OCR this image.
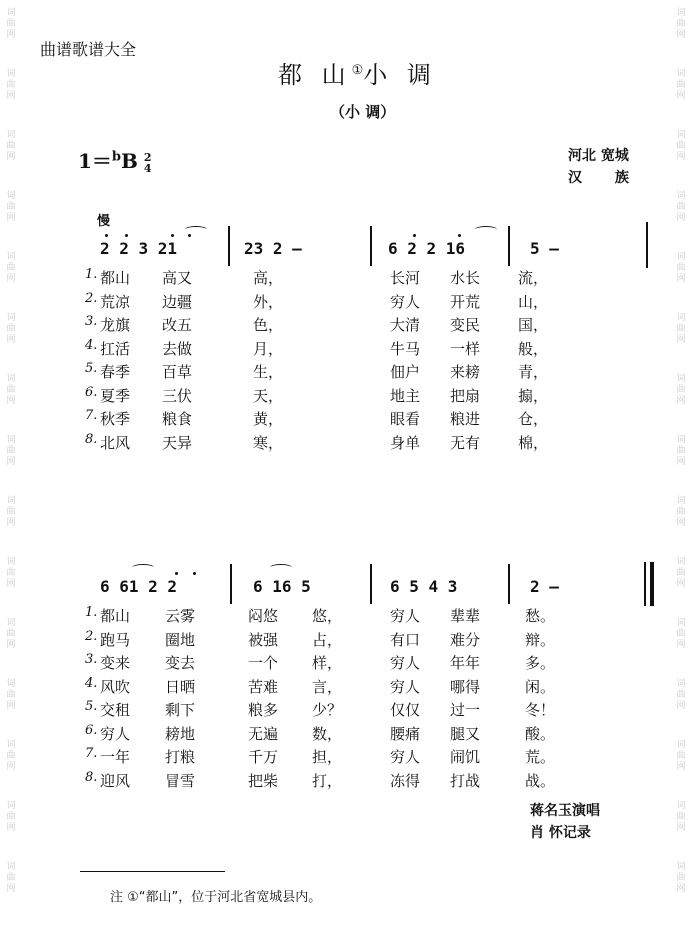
词
曲
网
词
曲
网
词
曲
网
词
曲
网
词
曲
网
词
曲
网
词
曲
网
词
曲
网
词
曲
网
词
曲
网
词
曲
网
词
曲
网
词
曲
网
词
曲
网
词
曲
网
词
曲
网
词
曲
网
词
曲
网
词
曲
网
词
曲
网
词
曲
网
词
曲
网
词
曲
网
词
曲
网
词
曲
网
词
曲
网
词
曲
网
词
曲
网
词
曲
网
词
曲
网
曲谱歌谱大全
都 山①小 调
（小 调）
1＝$^b$B 2
4
河北 宽城
汉 族
慢
2 2 3 21	23 2 –	6 2 2 16	5 –
1. 都山 高又	高，	长河 水长	流，
2. 荒凉 边疆	外，	穷人 开荒	山，
3. 龙旗 改五	色，	大清 变民	国，
4. 扛活 去做	月，	牛马 一样	般，
5. 春季 百草	生，	佃户 来耪	青，
6. 夏季 三伏	天，	地主 把扇	搧，
7. 秋季 粮食	黄，	眼看 粮进	仓，
8. 北风 天异	寒，	身单 无有	棉，
6 61 2 2	6 16 5	6 5 4 3	2 –
1. 都山 云雾	闷悠 悠，	穷人 辈辈	愁。
2. 跑马 圈地	被强 占，	有口 难分	辩。
3. 变来 变去	一个 样，	穷人 年年	多。
4. 风吹 日晒	苦难 言，	穷人 哪得	闲。
5. 交租 剩下	粮多 少？	仅仅 过一	冬！
6. 穷人 耪地	无遍 数，	腰痛 腿又	酸。
7. 一年 打粮	千万 担，	穷人 闹饥	荒。
8. 迎风 冒雪	把柴 打，	冻得 打战	战。
蒋名玉演唱
肖 怀记录
注 ①“都山”，位于河北省宽城县内。
